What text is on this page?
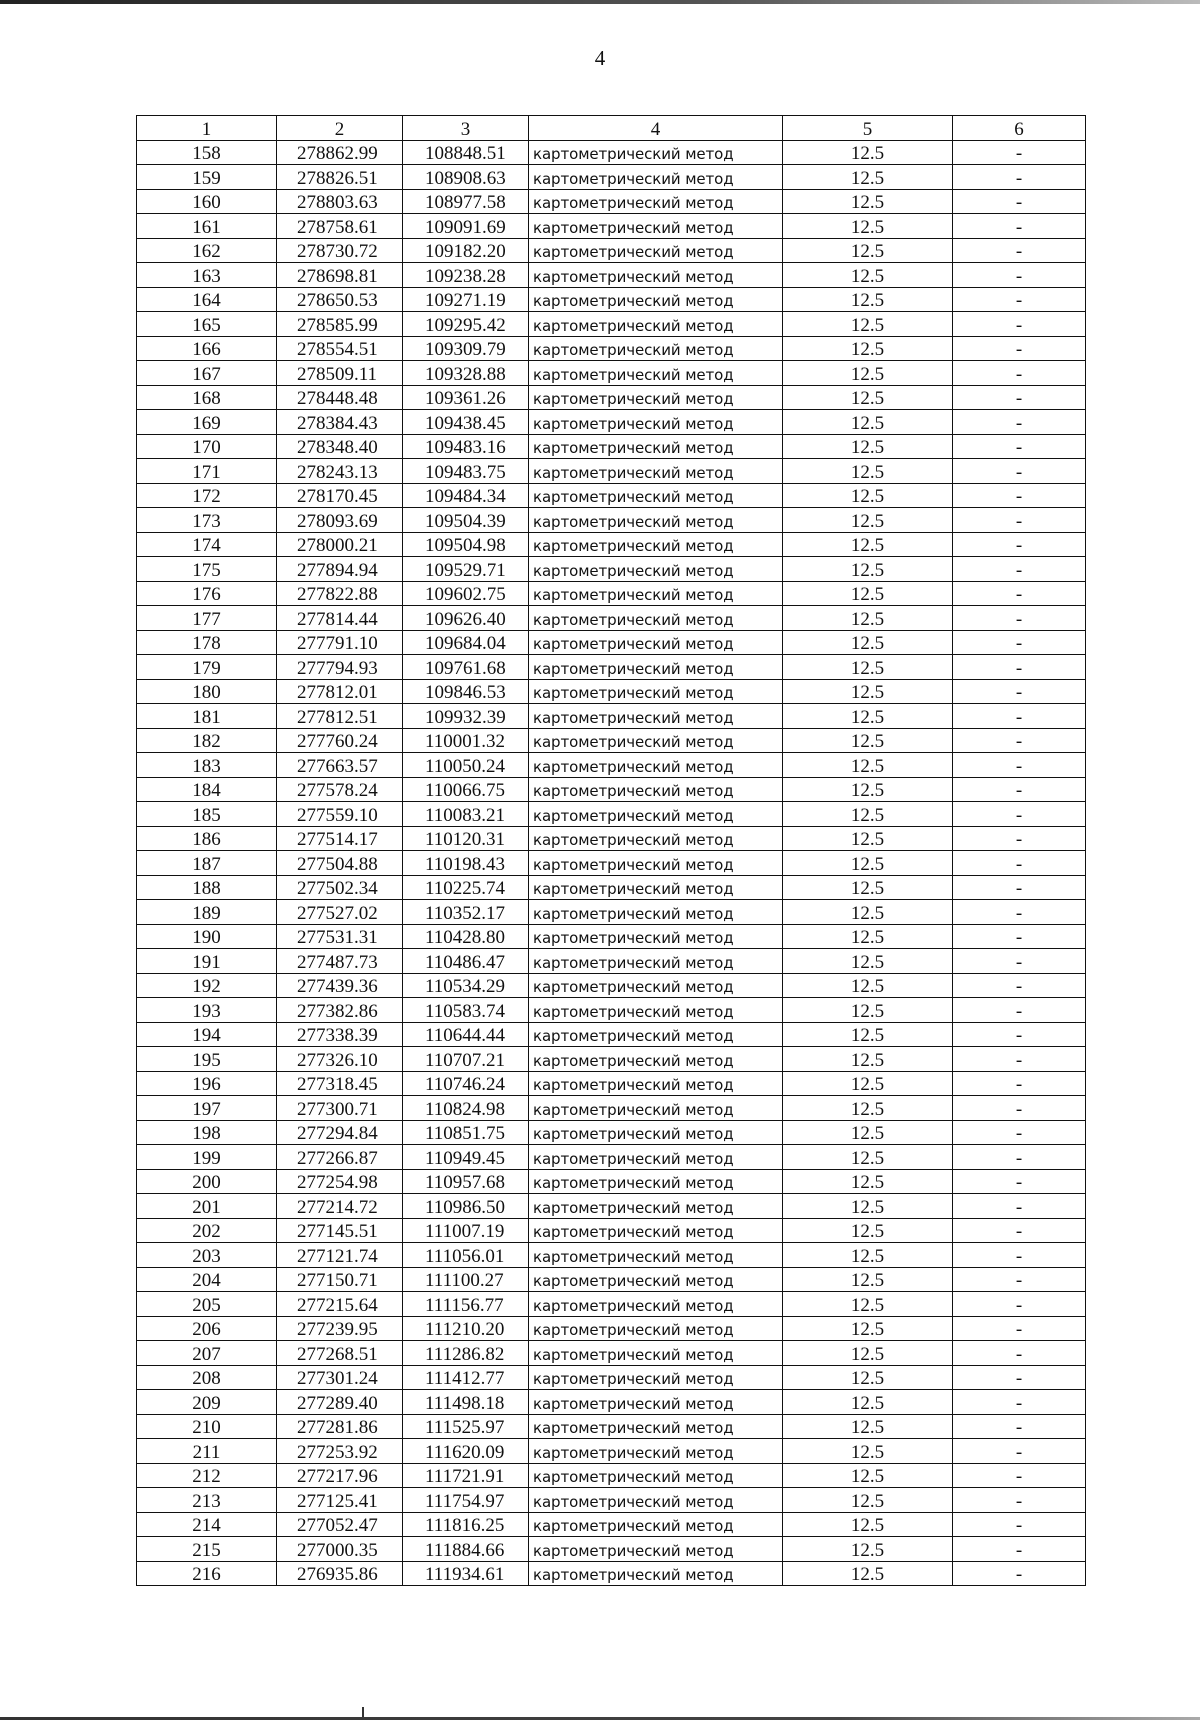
4
1	2	3	4	5	6
158	278862.99	108848.51	картометрический метод	12.5	-
159	278826.51	108908.63	картометрический метод	12.5	-
160	278803.63	108977.58	картометрический метод	12.5	-
161	278758.61	109091.69	картометрический метод	12.5	-
162	278730.72	109182.20	картометрический метод	12.5	-
163	278698.81	109238.28	картометрический метод	12.5	-
164	278650.53	109271.19	картометрический метод	12.5	-
165	278585.99	109295.42	картометрический метод	12.5	-
166	278554.51	109309.79	картометрический метод	12.5	-
167	278509.11	109328.88	картометрический метод	12.5	-
168	278448.48	109361.26	картометрический метод	12.5	-
169	278384.43	109438.45	картометрический метод	12.5	-
170	278348.40	109483.16	картометрический метод	12.5	-
171	278243.13	109483.75	картометрический метод	12.5	-
172	278170.45	109484.34	картометрический метод	12.5	-
173	278093.69	109504.39	картометрический метод	12.5	-
174	278000.21	109504.98	картометрический метод	12.5	-
175	277894.94	109529.71	картометрический метод	12.5	-
176	277822.88	109602.75	картометрический метод	12.5	-
177	277814.44	109626.40	картометрический метод	12.5	-
178	277791.10	109684.04	картометрический метод	12.5	-
179	277794.93	109761.68	картометрический метод	12.5	-
180	277812.01	109846.53	картометрический метод	12.5	-
181	277812.51	109932.39	картометрический метод	12.5	-
182	277760.24	110001.32	картометрический метод	12.5	-
183	277663.57	110050.24	картометрический метод	12.5	-
184	277578.24	110066.75	картометрический метод	12.5	-
185	277559.10	110083.21	картометрический метод	12.5	-
186	277514.17	110120.31	картометрический метод	12.5	-
187	277504.88	110198.43	картометрический метод	12.5	-
188	277502.34	110225.74	картометрический метод	12.5	-
189	277527.02	110352.17	картометрический метод	12.5	-
190	277531.31	110428.80	картометрический метод	12.5	-
191	277487.73	110486.47	картометрический метод	12.5	-
192	277439.36	110534.29	картометрический метод	12.5	-
193	277382.86	110583.74	картометрический метод	12.5	-
194	277338.39	110644.44	картометрический метод	12.5	-
195	277326.10	110707.21	картометрический метод	12.5	-
196	277318.45	110746.24	картометрический метод	12.5	-
197	277300.71	110824.98	картометрический метод	12.5	-
198	277294.84	110851.75	картометрический метод	12.5	-
199	277266.87	110949.45	картометрический метод	12.5	-
200	277254.98	110957.68	картометрический метод	12.5	-
201	277214.72	110986.50	картометрический метод	12.5	-
202	277145.51	111007.19	картометрический метод	12.5	-
203	277121.74	111056.01	картометрический метод	12.5	-
204	277150.71	111100.27	картометрический метод	12.5	-
205	277215.64	111156.77	картометрический метод	12.5	-
206	277239.95	111210.20	картометрический метод	12.5	-
207	277268.51	111286.82	картометрический метод	12.5	-
208	277301.24	111412.77	картометрический метод	12.5	-
209	277289.40	111498.18	картометрический метод	12.5	-
210	277281.86	111525.97	картометрический метод	12.5	-
211	277253.92	111620.09	картометрический метод	12.5	-
212	277217.96	111721.91	картометрический метод	12.5	-
213	277125.41	111754.97	картометрический метод	12.5	-
214	277052.47	111816.25	картометрический метод	12.5	-
215	277000.35	111884.66	картометрический метод	12.5	-
216	276935.86	111934.61	картометрический метод	12.5	-
